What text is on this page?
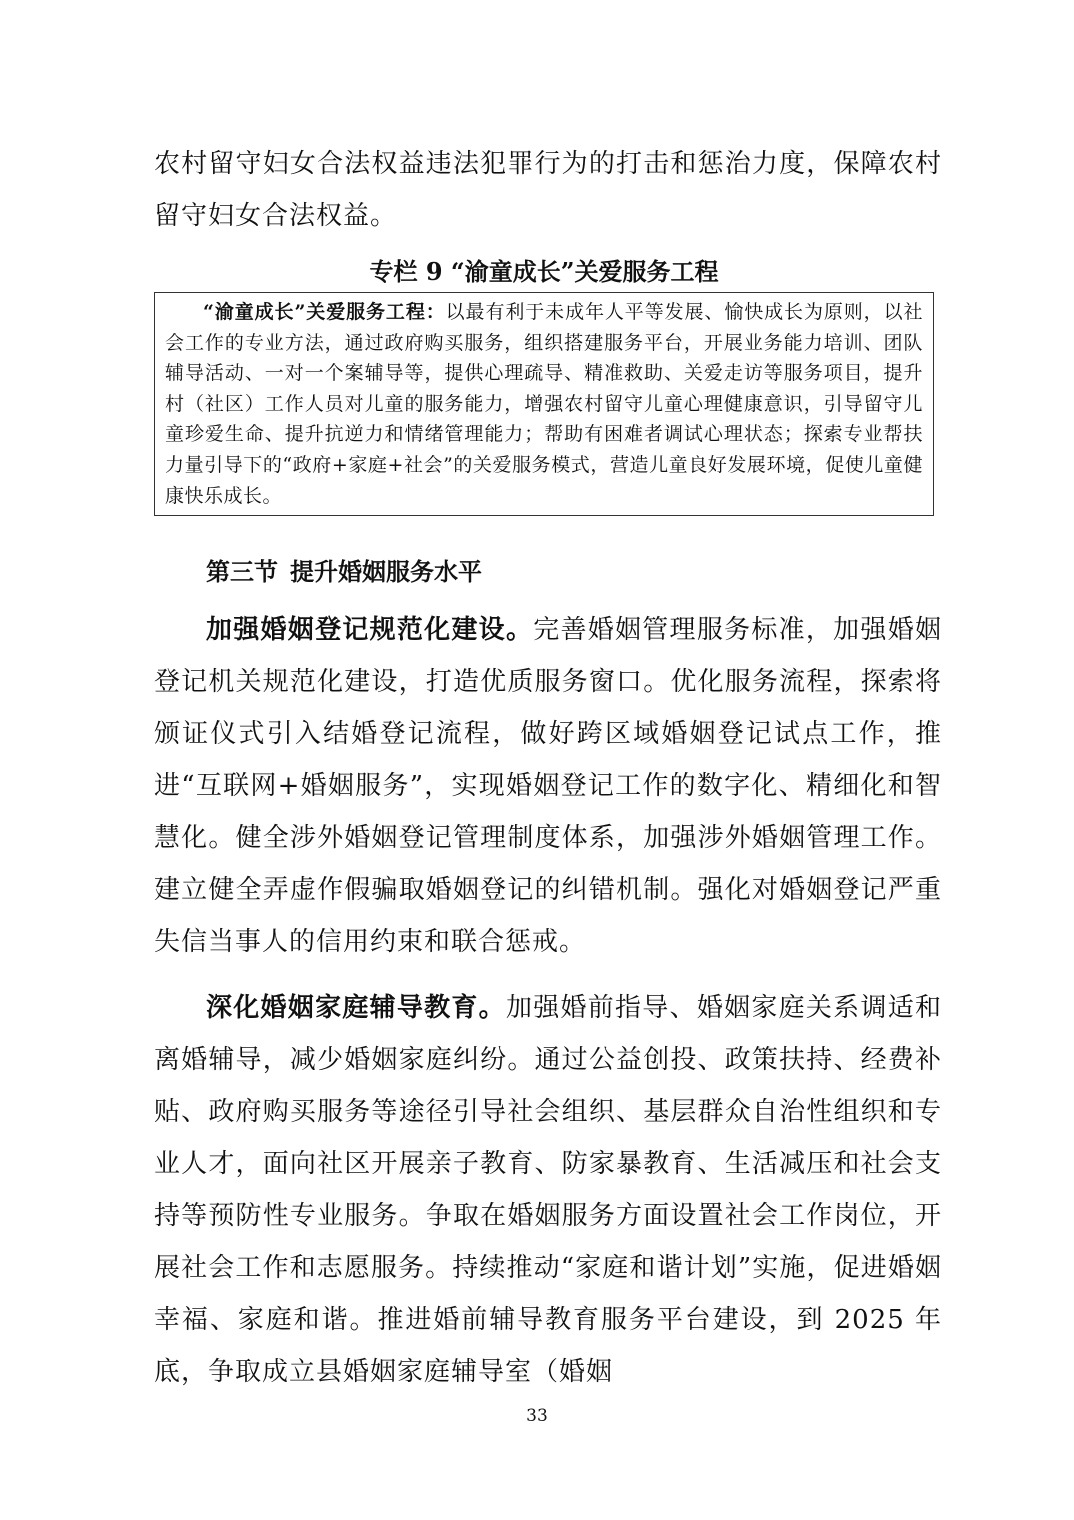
农村留守妇女合法权益违法犯罪行为的打击和惩治力度，保障农村留守妇女合法权益。

专栏 9 “渝童成长”关爱服务工程

“渝童成长”关爱服务工程：以最有利于未成年人平等发展、愉快成长为原则，以社会工作的专业方法，通过政府购买服务，组织搭建服务平台，开展业务能力培训、团队辅导活动、一对一个案辅导等，提供心理疏导、精准救助、关爱走访等服务项目，提升村（社区）工作人员对儿童的服务能力，增强农村留守儿童心理健康意识，引导留守儿童珍爱生命、提升抗逆力和情绪管理能力；帮助有困难者调试心理状态；探索专业帮扶力量引导下的“政府+家庭+社会”的关爱服务模式，营造儿童良好发展环境，促使儿童健康快乐成长。

第三节 提升婚姻服务水平

加强婚姻登记规范化建设。完善婚姻管理服务标准，加强婚姻登记机关规范化建设，打造优质服务窗口。优化服务流程，探索将颁证仪式引入结婚登记流程，做好跨区域婚姻登记试点工作，推进“互联网+婚姻服务”，实现婚姻登记工作的数字化、精细化和智慧化。健全涉外婚姻登记管理制度体系，加强涉外婚姻管理工作。建立健全弄虚作假骗取婚姻登记的纠错机制。强化对婚姻登记严重失信当事人的信用约束和联合惩戒。

深化婚姻家庭辅导教育。加强婚前指导、婚姻家庭关系调适和离婚辅导，减少婚姻家庭纠纷。通过公益创投、政策扶持、经费补贴、政府购买服务等途径引导社会组织、基层群众自治性组织和专业人才，面向社区开展亲子教育、防家暴教育、生活减压和社会支持等预防性专业服务。争取在婚姻服务方面设置社会工作岗位，开展社会工作和志愿服务。持续推动“家庭和谐计划”实施，促进婚姻幸福、家庭和谐。推进婚前辅导教育服务平台建设，到 2025 年底，争取成立县婚姻家庭辅导室（婚姻

33
